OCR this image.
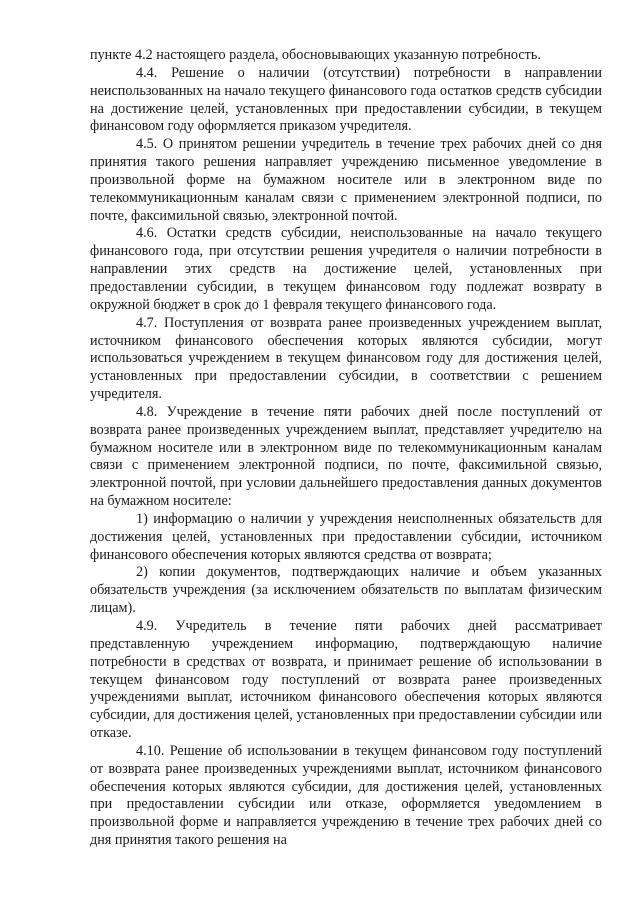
пункте 4.2 настоящего раздела, обосновывающих указанную потребность.

4.4. Решение о наличии (отсутствии) потребности в направлении неиспользованных на начало текущего финансового года остатков средств субсидии на достижение целей, установленных при предоставлении субсидии, в текущем финансовом году оформляется приказом учредителя.

4.5. О принятом решении учредитель в течение трех рабочих дней со дня принятия такого решения направляет учреждению письменное уведомление в произвольной форме на бумажном носителе или в электронном виде по телекоммуникационным каналам связи с применением электронной подписи, по почте, факсимильной связью, электронной почтой.

4.6. Остатки средств субсидии, неиспользованные на начало текущего финансового года, при отсутствии решения учредителя о наличии потребности в направлении этих средств на достижение целей, установленных при предоставлении субсидии, в текущем финансовом году подлежат возврату в окружной бюджет в срок до 1 февраля текущего финансового года.

4.7. Поступления от возврата ранее произведенных учреждением выплат, источником финансового обеспечения которых являются субсидии, могут использоваться учреждением в текущем финансовом году для достижения целей, установленных при предоставлении субсидии, в соответствии с решением учредителя.

4.8. Учреждение в течение пяти рабочих дней после поступлений от возврата ранее произведенных учреждением выплат, представляет учредителю на бумажном носителе или в электронном виде по телекоммуникационным каналам связи с применением электронной подписи, по почте, факсимильной связью, электронной почтой, при условии дальнейшего предоставления данных документов на бумажном носителе:

1) информацию о наличии у учреждения неисполненных обязательств для достижения целей, установленных при предоставлении субсидии, источником финансового обеспечения которых являются средства от возврата;

2) копии документов, подтверждающих наличие и объем указанных обязательств учреждения (за исключением обязательств по выплатам физическим лицам).

4.9. Учредитель в течение пяти рабочих дней рассматривает представленную учреждением информацию, подтверждающую наличие потребности в средствах от возврата, и принимает решение об использовании в текущем финансовом году поступлений от возврата ранее произведенных учреждениями выплат, источником финансового обеспечения которых являются субсидии, для достижения целей, установленных при предоставлении субсидии или отказе.

4.10. Решение об использовании в текущем финансовом году поступлений от возврата ранее произведенных учреждениями выплат, источником финансового обеспечения которых являются субсидии, для достижения целей, установленных при предоставлении субсидии или отказе, оформляется уведомлением в произвольной форме и направляется учреждению в течение трех рабочих дней со дня принятия такого решения на
